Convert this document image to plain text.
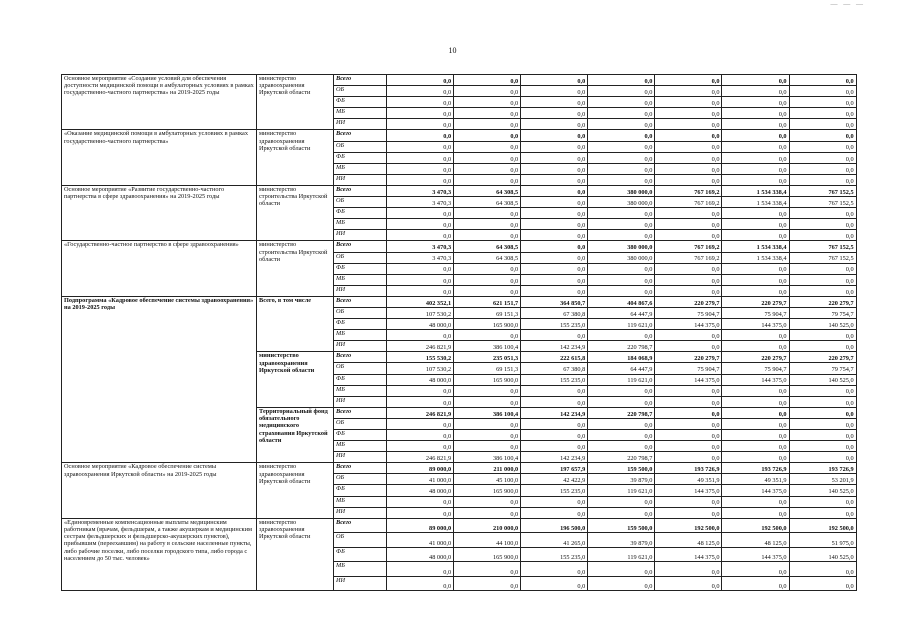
— — —
10
Основное мероприятие «Создание условий для обеспечения доступности медицинской помощи в амбулаторных условиях в рамках государственно-частного партнерства» на 2019-2025 годы	министерство здравоохранения Иркутской области	Всего	0,0	0,0	0,0	0,0	0,0	0,0	0,0
		ОБ	0,0	0,0	0,0	0,0	0,0	0,0	0,0
		ФБ	0,0	0,0	0,0	0,0	0,0	0,0	0,0
		МБ	0,0	0,0	0,0	0,0	0,0	0,0	0,0
		ИИ	0,0	0,0	0,0	0,0	0,0	0,0	0,0
«Оказание медицинской помощи в амбулаторных условиях в рамках государственно-частного партнерства»	министерство здравоохранения Иркутской области	Всего	0,0	0,0	0,0	0,0	0,0	0,0	0,0
		ОБ	0,0	0,0	0,0	0,0	0,0	0,0	0,0
		ФБ	0,0	0,0	0,0	0,0	0,0	0,0	0,0
		МБ	0,0	0,0	0,0	0,0	0,0	0,0	0,0
		ИИ	0,0	0,0	0,0	0,0	0,0	0,0	0,0
Основное мероприятие «Развитие государственно-частного партнерства в сфере здравоохранения» на 2019-2025 годы	министерство строительства Иркутской области	Всего	3 470,3	64 308,5	0,0	380 000,0	767 169,2	1 534 338,4	767 152,5
		ОБ	3 470,3	64 308,5	0,0	380 000,0	767 169,2	1 534 338,4	767 152,5
		ФБ	0,0	0,0	0,0	0,0	0,0	0,0	0,0
		МБ	0,0	0,0	0,0	0,0	0,0	0,0	0,0
		ИИ	0,0	0,0	0,0	0,0	0,0	0,0	0,0
«Государственно-частное партнерство в сфере здравоохранения»	министерство строительства Иркутской области	Всего	3 470,3	64 308,5	0,0	380 000,0	767 169,2	1 534 338,4	767 152,5
		ОБ	3 470,3	64 308,5	0,0	380 000,0	767 169,2	1 534 338,4	767 152,5
		ФБ	0,0	0,0	0,0	0,0	0,0	0,0	0,0
		МБ	0,0	0,0	0,0	0,0	0,0	0,0	0,0
		ИИ	0,0	0,0	0,0	0,0	0,0	0,0	0,0
Подпрограмма «Кадровое обеспечение системы здравоохранения» на 2019-2025 годы	Всего, в том числе	Всего	402 352,1	621 151,7	364 850,7	404 867,6	220 279,7	220 279,7	220 279,7
		ОБ	107 530,2	69 151,3	67 380,8	64 447,9	75 904,7	75 904,7	79 754,7
		ФБ	48 000,0	165 900,0	155 235,0	119 621,0	144 375,0	144 375,0	140 525,0
		МБ	0,0	0,0	0,0	0,0	0,0	0,0	0,0
		ИИ	246 821,9	386 100,4	142 234,9	220 798,7	0,0	0,0	0,0
	министерство здравоохранения Иркутской области	Всего	155 530,2	235 051,3	222 615,8	184 068,9	220 279,7	220 279,7	220 279,7
		ОБ	107 530,2	69 151,3	67 380,8	64 447,9	75 904,7	75 904,7	79 754,7
		ФБ	48 000,0	165 900,0	155 235,0	119 621,0	144 375,0	144 375,0	140 525,0
		МБ	0,0	0,0	0,0	0,0	0,0	0,0	0,0
		ИИ	0,0	0,0	0,0	0,0	0,0	0,0	0,0
	Территориальный фонд обязательного медицинского страхования Иркутской области	Всего	246 821,9	386 100,4	142 234,9	220 798,7	0,0	0,0	0,0
		ОБ	0,0	0,0	0,0	0,0	0,0	0,0	0,0
		ФБ	0,0	0,0	0,0	0,0	0,0	0,0	0,0
		МБ	0,0	0,0	0,0	0,0	0,0	0,0	0,0
		ИИ	246 821,9	386 100,4	142 234,9	220 798,7	0,0	0,0	0,0
Основное мероприятие «Кадровое обеспечение системы здравоохранения Иркутской области» на 2019-2025 годы	министерство здравоохранения Иркутской области	Всего	89 000,0	211 000,0	197 657,9	159 500,0	193 726,9	193 726,9	193 726,9
		ОБ	41 000,0	45 100,0	42 422,9	39 879,0	49 351,9	49 351,9	53 201,9
		ФБ	48 000,0	165 900,0	155 235,0	119 621,0	144 375,0	144 375,0	140 525,0
		МБ	0,0	0,0	0,0	0,0	0,0	0,0	0,0
		ИИ	0,0	0,0	0,0	0,0	0,0	0,0	0,0
«Единовременные компенсационные выплаты медицинским работникам (врачам, фельдшерам, а также акушеркам и медицинским сестрам фельдшерских и фельдшерско-акушерских пунктов), прибывшим (переехавшим) на работу в сельские населенные пункты, либо рабочие поселки, либо поселки городского типа, либо города с населением до 50 тыс. человек»	министерство здравоохранения Иркутской области	Всего	89 000,0	210 000,0	196 500,0	159 500,0	192 500,0	192 500,0	192 500,0
		ОБ	41 000,0	44 100,0	41 265,0	39 879,0	48 125,0	48 125,0	51 975,0
		ФБ	48 000,0	165 900,0	155 235,0	119 621,0	144 375,0	144 375,0	140 525,0
		МБ	0,0	0,0	0,0	0,0	0,0	0,0	0,0
		ИИ	0,0	0,0	0,0	0,0	0,0	0,0	0,0
